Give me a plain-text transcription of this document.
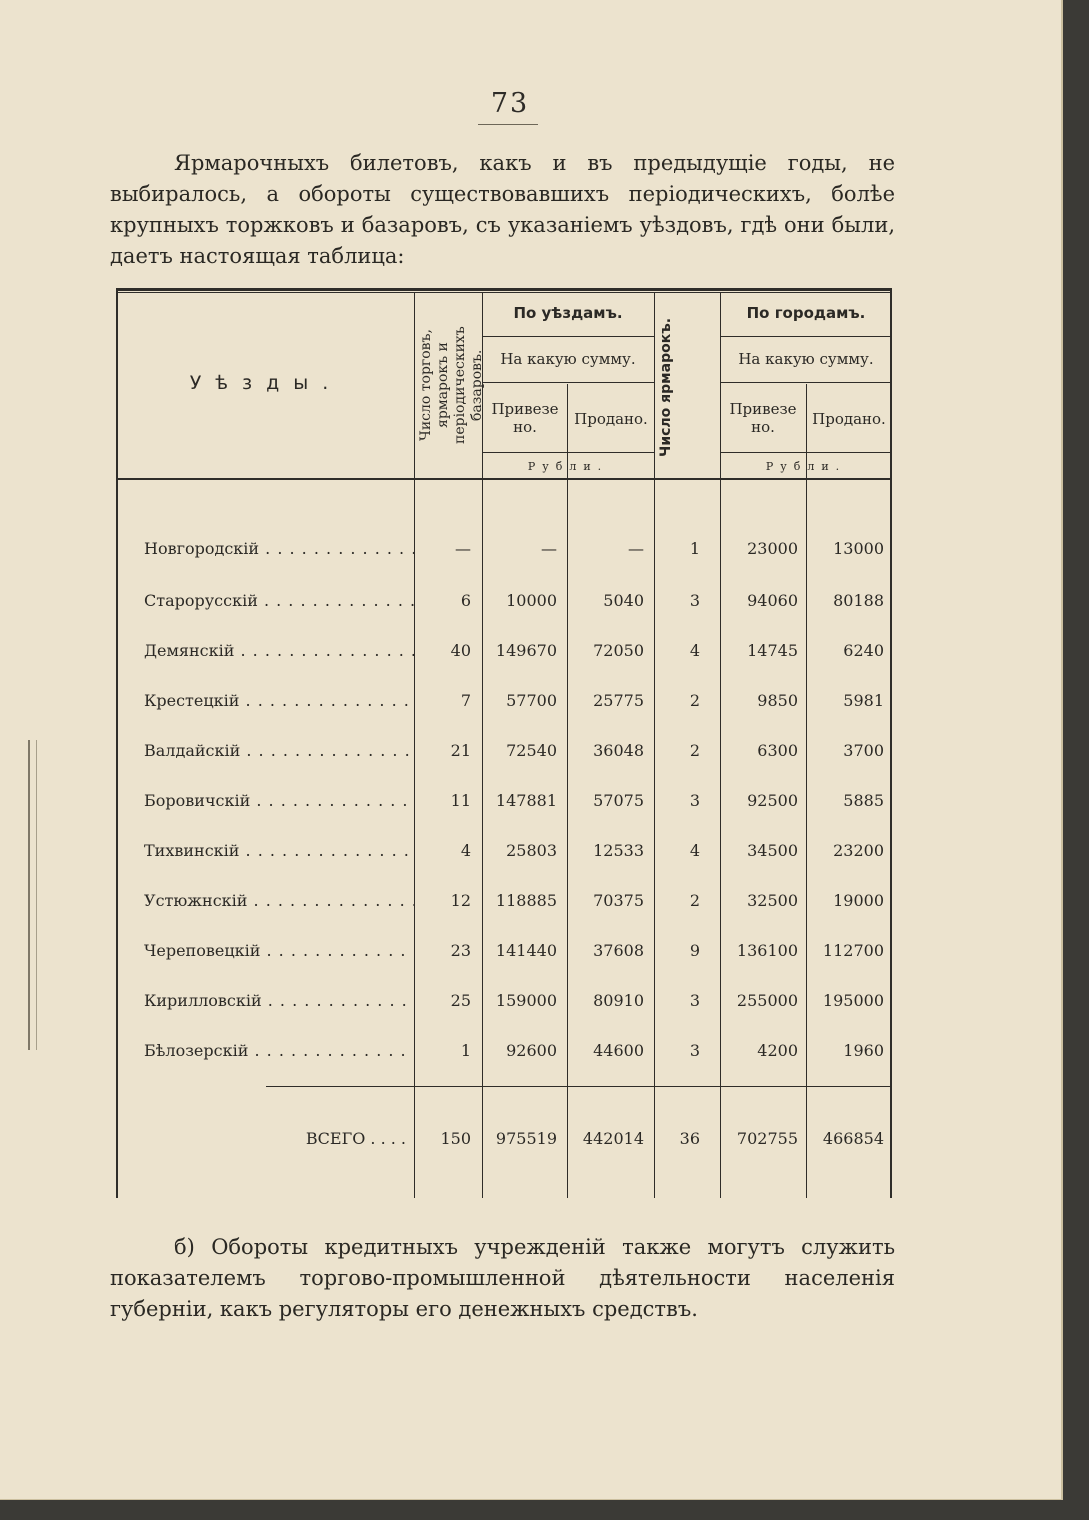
73
Ярмарочныхъ билетовъ, какъ и въ предыдущіе годы, не выбиралось, а обороты существовавшихъ періодическихъ, болѣе крупныхъ торжковъ и базаровъ, съ указаніемъ уѣздовъ, гдѣ они были, даетъ настоящая таблица:
Уѣзды.	Число торговъ, ярмарокъ и періодическихъ базаровъ.
По уѣздамъ.
На какую сумму.
Привезено.	Продано.
Рубли.
Число ярмарокъ.
По городамъ.
На какую сумму.
Привезено.	Продано.
Рубли.
Новгородскій . . .	—	—	—	1	23000	13000
Старорусскій . . .	6	10000	5040	3	94060	80188
Демянскій . . .	40	149670	72050	4	14745	6240
Крестецкій . . .	7	57700	25775	2	9850	5981
Валдайскій . . .	21	72540	36048	2	6300	3700
Боровичскій . . .	11	147881	57075	3	92500	5885
Тихвинскій . . .	4	25803	12533	4	34500	23200
Устюжнскій . . .	12	118885	70375	2	32500	19000
Череповецкій . . .	23	141440	37608	9	136100	112700
Кирилловскій . . .	25	159000	80910	3	255000	195000
Бѣлозерскій . . .	1	92600	44600	3	4200	1960
ВСЕГО . . . .	150	975519	442014	36	702755	466854
б) Обороты кредитныхъ учрежденій также могутъ служить показателемъ торгово-промышленной дѣятельности населенія губерніи, какъ регуляторы его денежныхъ средствъ.
